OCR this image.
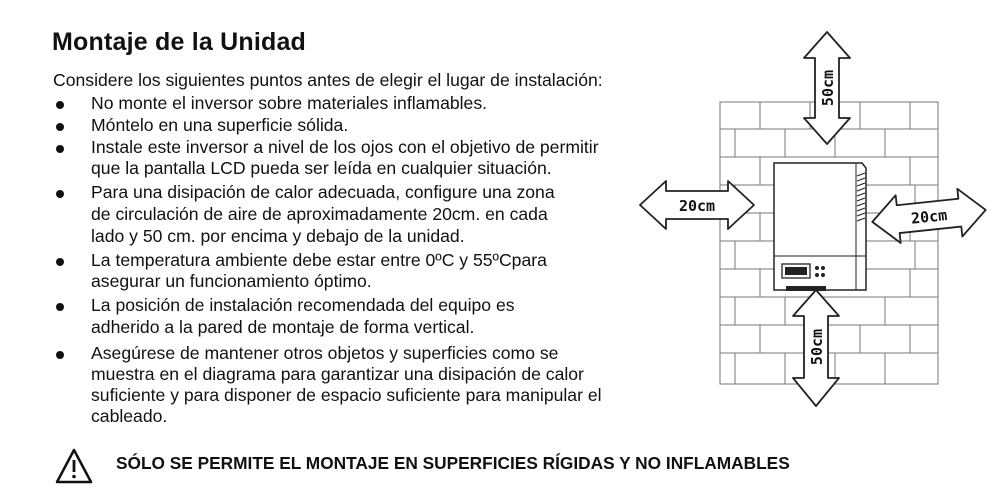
Montaje de la Unidad
Considere los siguientes puntos antes de elegir el lugar de instalación:
No monte el inversor sobre materiales inflamables.
Móntelo en una superficie sólida.
Instale este inversor a nivel de los ojos con el objetivo de permitir
que la pantalla LCD pueda ser leída en cualquier situación.
Para una disipación de calor adecuada, configure una zona
de circulación de aire de aproximadamente 20cm. en cada
lado y 50 cm. por encima y debajo de la unidad.
La temperatura ambiente debe estar entre 0ºC y 55ºCpara
asegurar un funcionamiento óptimo.
La posición de instalación recomendada del equipo es
adherido a la pared de montaje de forma vertical.
Asegúrese de mantener otros objetos y superficies como se
muestra en el diagrama para garantizar una disipación de calor
suficiente y para disponer de espacio suficiente para manipular el
cableado.
SÓLO SE PERMITE EL MONTAJE EN SUPERFICIES RÍGIDAS Y NO INFLAMABLES
50cm
50cm
20cm
20cm
